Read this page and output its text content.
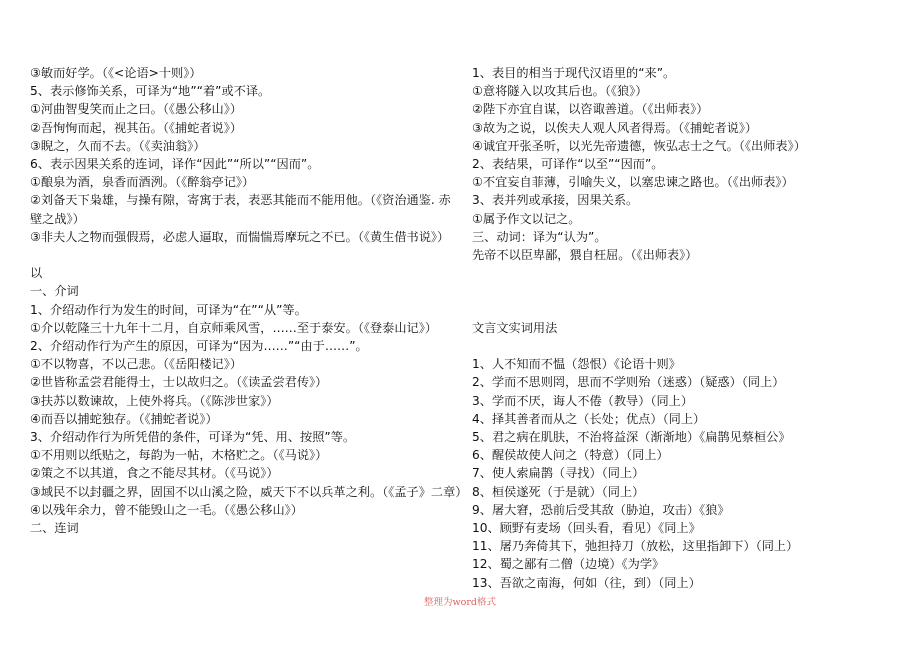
③敏而好学。（《<论语>十则》）
5、表示修饰关系，可译为“地”“着”或不译。
①河曲智叟笑而止之曰。（《愚公移山》）
②吾恂恂而起，视其缶。（《捕蛇者说》）
③睨之，久而不去。（《卖油翁》）
6、表示因果关系的连词，译作“因此”“所以”“因而”。
①酿泉为酒，泉香而酒洌。（《醉翁亭记》）
②刘备天下枭雄，与操有隙，寄寓于表，表恶其能而不能用他。（《资治通鉴. 赤壁之战》）
③非夫人之物而强假焉，必虑人逼取，而惴惴焉摩玩之不已。（《黄生借书说》）
以
一、介词
1、介绍动作行为发生的时间，可译为“在”“从”等。
①介以乾隆三十九年十二月，自京师乘风雪，……至于泰安。（《登泰山记》）
2、介绍动作行为产生的原因，可译为“因为……”“由于……”。
①不以物喜，不以己悲。（《岳阳楼记》）
②世皆称孟尝君能得士，士以故归之。（《读孟尝君传》）
③扶苏以数谏故，上使外将兵。（《陈涉世家》）
④而吾以捕蛇独存。（《捕蛇者说》）
3、介绍动作行为所凭借的条件，可译为“凭、用、按照”等。
①不用则以纸贴之，每韵为一帖，木格贮之。（《马说》）
②策之不以其道，食之不能尽其材。（《马说》）
③域民不以封疆之界，固国不以山溪之险，威天下不以兵革之利。（《孟子》二章）
④以残年余力，曾不能毁山之一毛。（《愚公移山》）
二、连词
1、表目的相当于现代汉语里的“来”。
①意将隧入以攻其后也。（《狼》）
②陛下亦宜自谋，以咨诹善道。（《出师表》）
③故为之说，以俟夫人观人风者得焉。（《捕蛇者说》）
④诚宜开张圣听，以光先帝遗德，恢弘志士之气。（《出师表》）
2、表结果，可译作“以至”“因而”。
①不宜妄自菲薄，引喻失义，以塞忠谏之路也。（《出师表》）
3、表并列或承接，因果关系。
①属予作文以记之。
三、动词：译为“认为”。
先帝不以臣卑鄙，猥自枉屈。（《出师表》）
文言文实词用法
1、人不知而不愠（怨恨）《论语十则》
2、学而不思则罔，思而不学则殆（迷惑）（疑惑）（同上）
3、学而不厌，诲人不倦（教导）（同上）
4、择其善者而从之（长处；优点）（同上）
5、君之病在肌肤，不治将益深（渐渐地）《扁鹊见蔡桓公》
6、醒侯故使人问之（特意）（同上）
7、使人索扁鹊（寻找）（同上）
8、桓侯遂死（于是就）（同上）
9、屠大窘，恐前后受其敌（胁迫，攻击）《狼》
10、顾野有麦场（回头看，看见）《同上》
11、屠乃奔倚其下，弛担持刀（放松，这里指卸下）（同上）
12、蜀之鄙有二僧（边境）《为学》
13、吾欲之南海，何如（往，到）（同上）
整理为word格式
